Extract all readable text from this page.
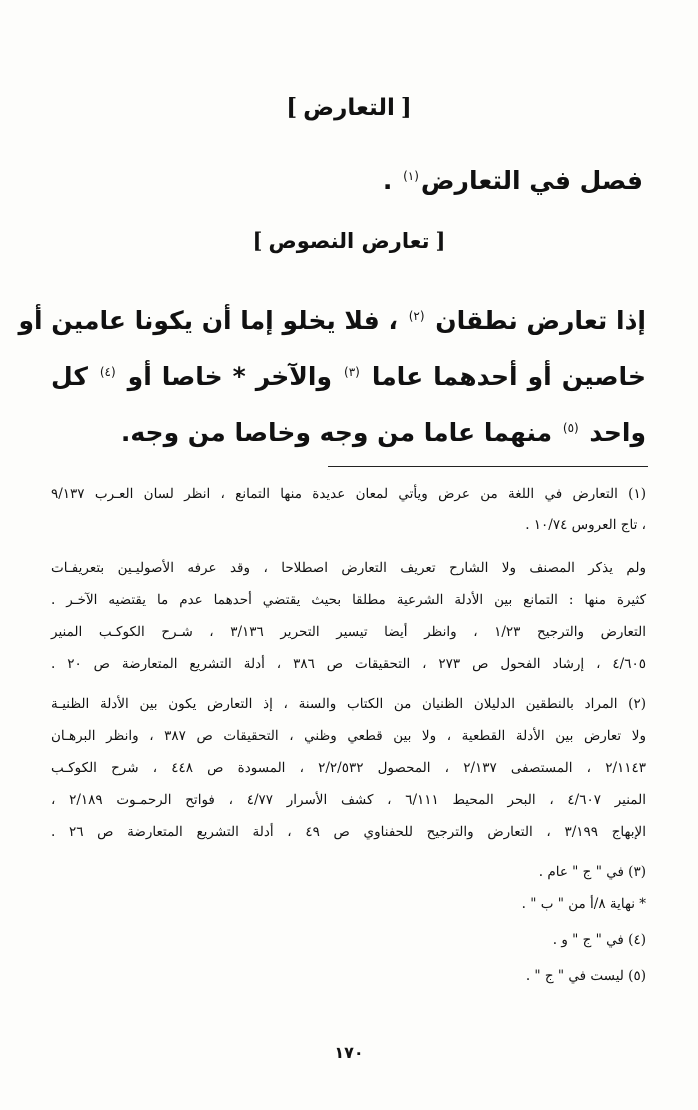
[التعارض]
فصل في التعارض$^{(١)}$ .
[تعارض النصوص]
إذا تعارض نطقان $^{(٢)}$ ، فلا يخلو إما أن يكونا عامين أو
خاصين أو أحدهما عاما $^{(٣)}$ والآخر * خاصا أو $^{(٤)}$ كل
واحد $^{(٥)}$ منهما عاما من وجه وخاصا من وجه.
(١) التعارض في اللغة من عرض ويأتي لمعان عديدة منها التمانع ، انظر لسان العـرب ٩/١٣٧
، تاج العروس ١٠/٧٤ .
ولم يذكر المصنف ولا الشارح تعريف التعارض اصطلاحا ، وقد عرفه الأصوليـين بتعريفـات
كثيرة منها : التمانع بين الأدلة الشرعية مطلقا بحيث يقتضي أحدهما عدم ما يقتضيه الآخـر .
التعارض والترجيح ١/٢٣ ، وانظر أيضا تيسير التحرير ٣/١٣٦ ، شـرح الكوكـب المنير
٤/٦٠٥ ، إرشاد الفحول ص ٢٧٣ ، التحقيقات ص ٣٨٦ ، أدلة التشريع المتعارضة ص ٢٠ .
(٢) المراد بالنطقين الدليلان الظنيان من الكتاب والسنة ، إذ التعارض يكون بين الأدلة الظنيـة
ولا تعارض بين الأدلة القطعية ، ولا بين قطعي وظني ، التحقيقات ص ٣٨٧ ، وانظر البرهـان
٢/١١٤٣ ، المستصفى ٢/١٣٧ ، المحصول ٢/٢/٥٣٢ ، المسودة ص ٤٤٨ ، شرح الكوكـب
المنير ٤/٦٠٧ ، البحر المحيط ٦/١١١ ، كشف الأسرار ٤/٧٧ ، فواتح الرحمـوت ٢/١٨٩ ،
الإبهاج ٣/١٩٩ ، التعارض والترجيح للحفناوي ص ٤٩ ، أدلة التشريع المتعارضة ص ٢٦ .
(٣) في " ج " عام .
* نهاية ٨/أ من " ب " .
(٤) في " ج " و .
(٥) ليست في " ج " .
١٧٠
